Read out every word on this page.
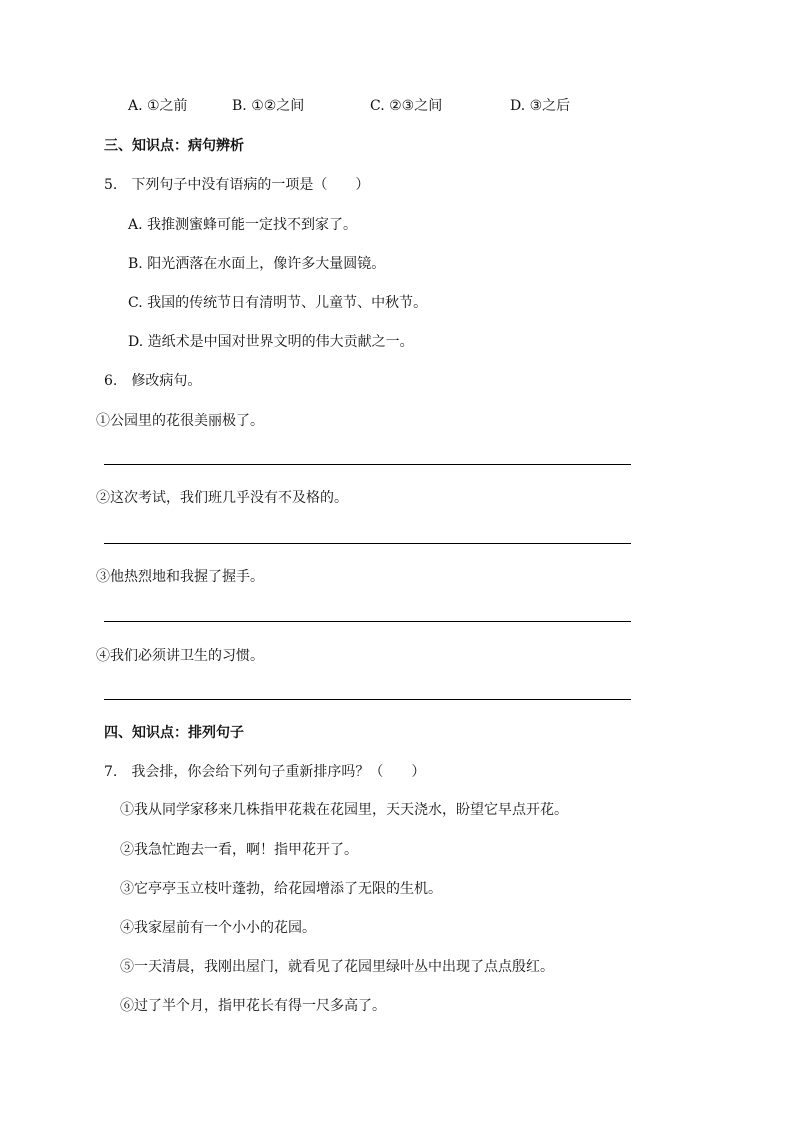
A. ①之前	B. ①②之间	C. ②③之间	D. ③之后
三、知识点：病句辨析
5.　下列句子中没有语病的一项是（　　）
A. 我推测蜜蜂可能一定找不到家了。
B. 阳光洒落在水面上，像许多大量圆镜。
C. 我国的传统节日有清明节、儿童节、中秋节。
D. 造纸术是中国对世界文明的伟大贡献之一。
6.　修改病句。
①公园里的花很美丽极了。
②这次考试，我们班几乎没有不及格的。
③他热烈地和我握了握手。
④我们必须讲卫生的习惯。
四、知识点：排列句子
7.　我会排，你会给下列句子重新排序吗？（　　）
①我从同学家移来几株指甲花栽在花园里，天天浇水，盼望它早点开花。
②我急忙跑去一看，啊！指甲花开了。
③它亭亭玉立枝叶蓬勃，给花园增添了无限的生机。
④我家屋前有一个小小的花园。
⑤一天清晨，我刚出屋门，就看见了花园里绿叶丛中出现了点点殷红。
⑥过了半个月，指甲花长有得一尺多高了。
